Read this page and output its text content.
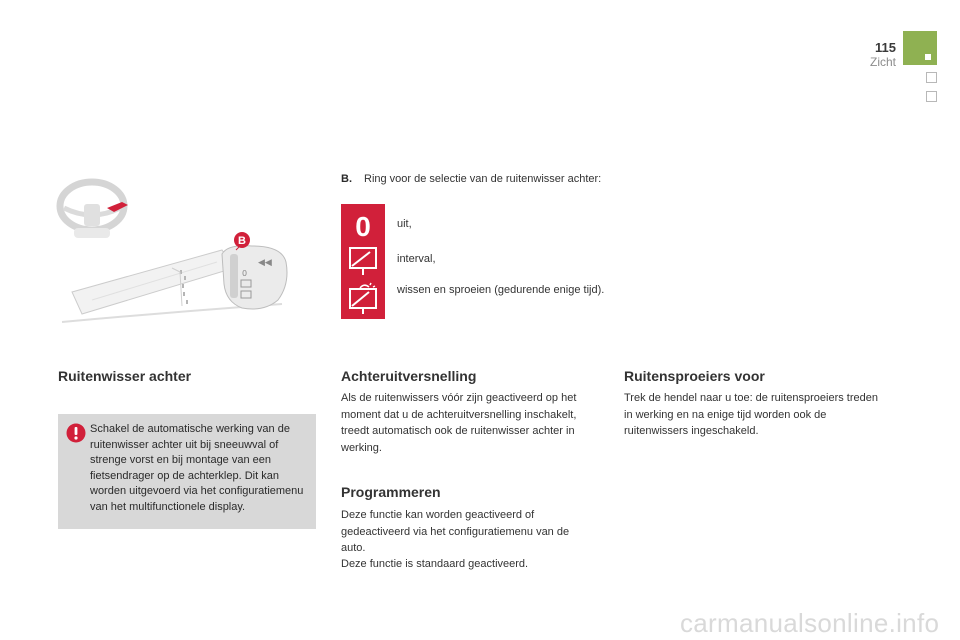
115
Zicht
◀◀
0
B
B. Ring voor de selectie van de ruitenwisser achter:
0 uit,
interval,
wissen en sproeien (gedurende enige tijd).
Ruitenwisser achter
Schakel de automatische werking van de ruitenwisser achter uit bij sneeuwval of strenge vorst en bij montage van een fietsendrager op de achterklep. Dit kan worden uitgevoerd via het configuratiemenu van het multifunctionele display.
Achteruitversnelling
Als de ruitenwissers vóór zijn geactiveerd op het moment dat u de achteruitversnelling inschakelt, treedt automatisch ook de ruitenwisser achter in werking.
Programmeren
Deze functie kan worden geactiveerd of gedeactiveerd via het configuratiemenu van de auto.
Deze functie is standaard geactiveerd.
Ruitensproeiers voor
Trek de hendel naar u toe: de ruitensproeiers treden in werking en na enige tijd worden ook de ruitenwissers ingeschakeld.
carmanualsonline.info
